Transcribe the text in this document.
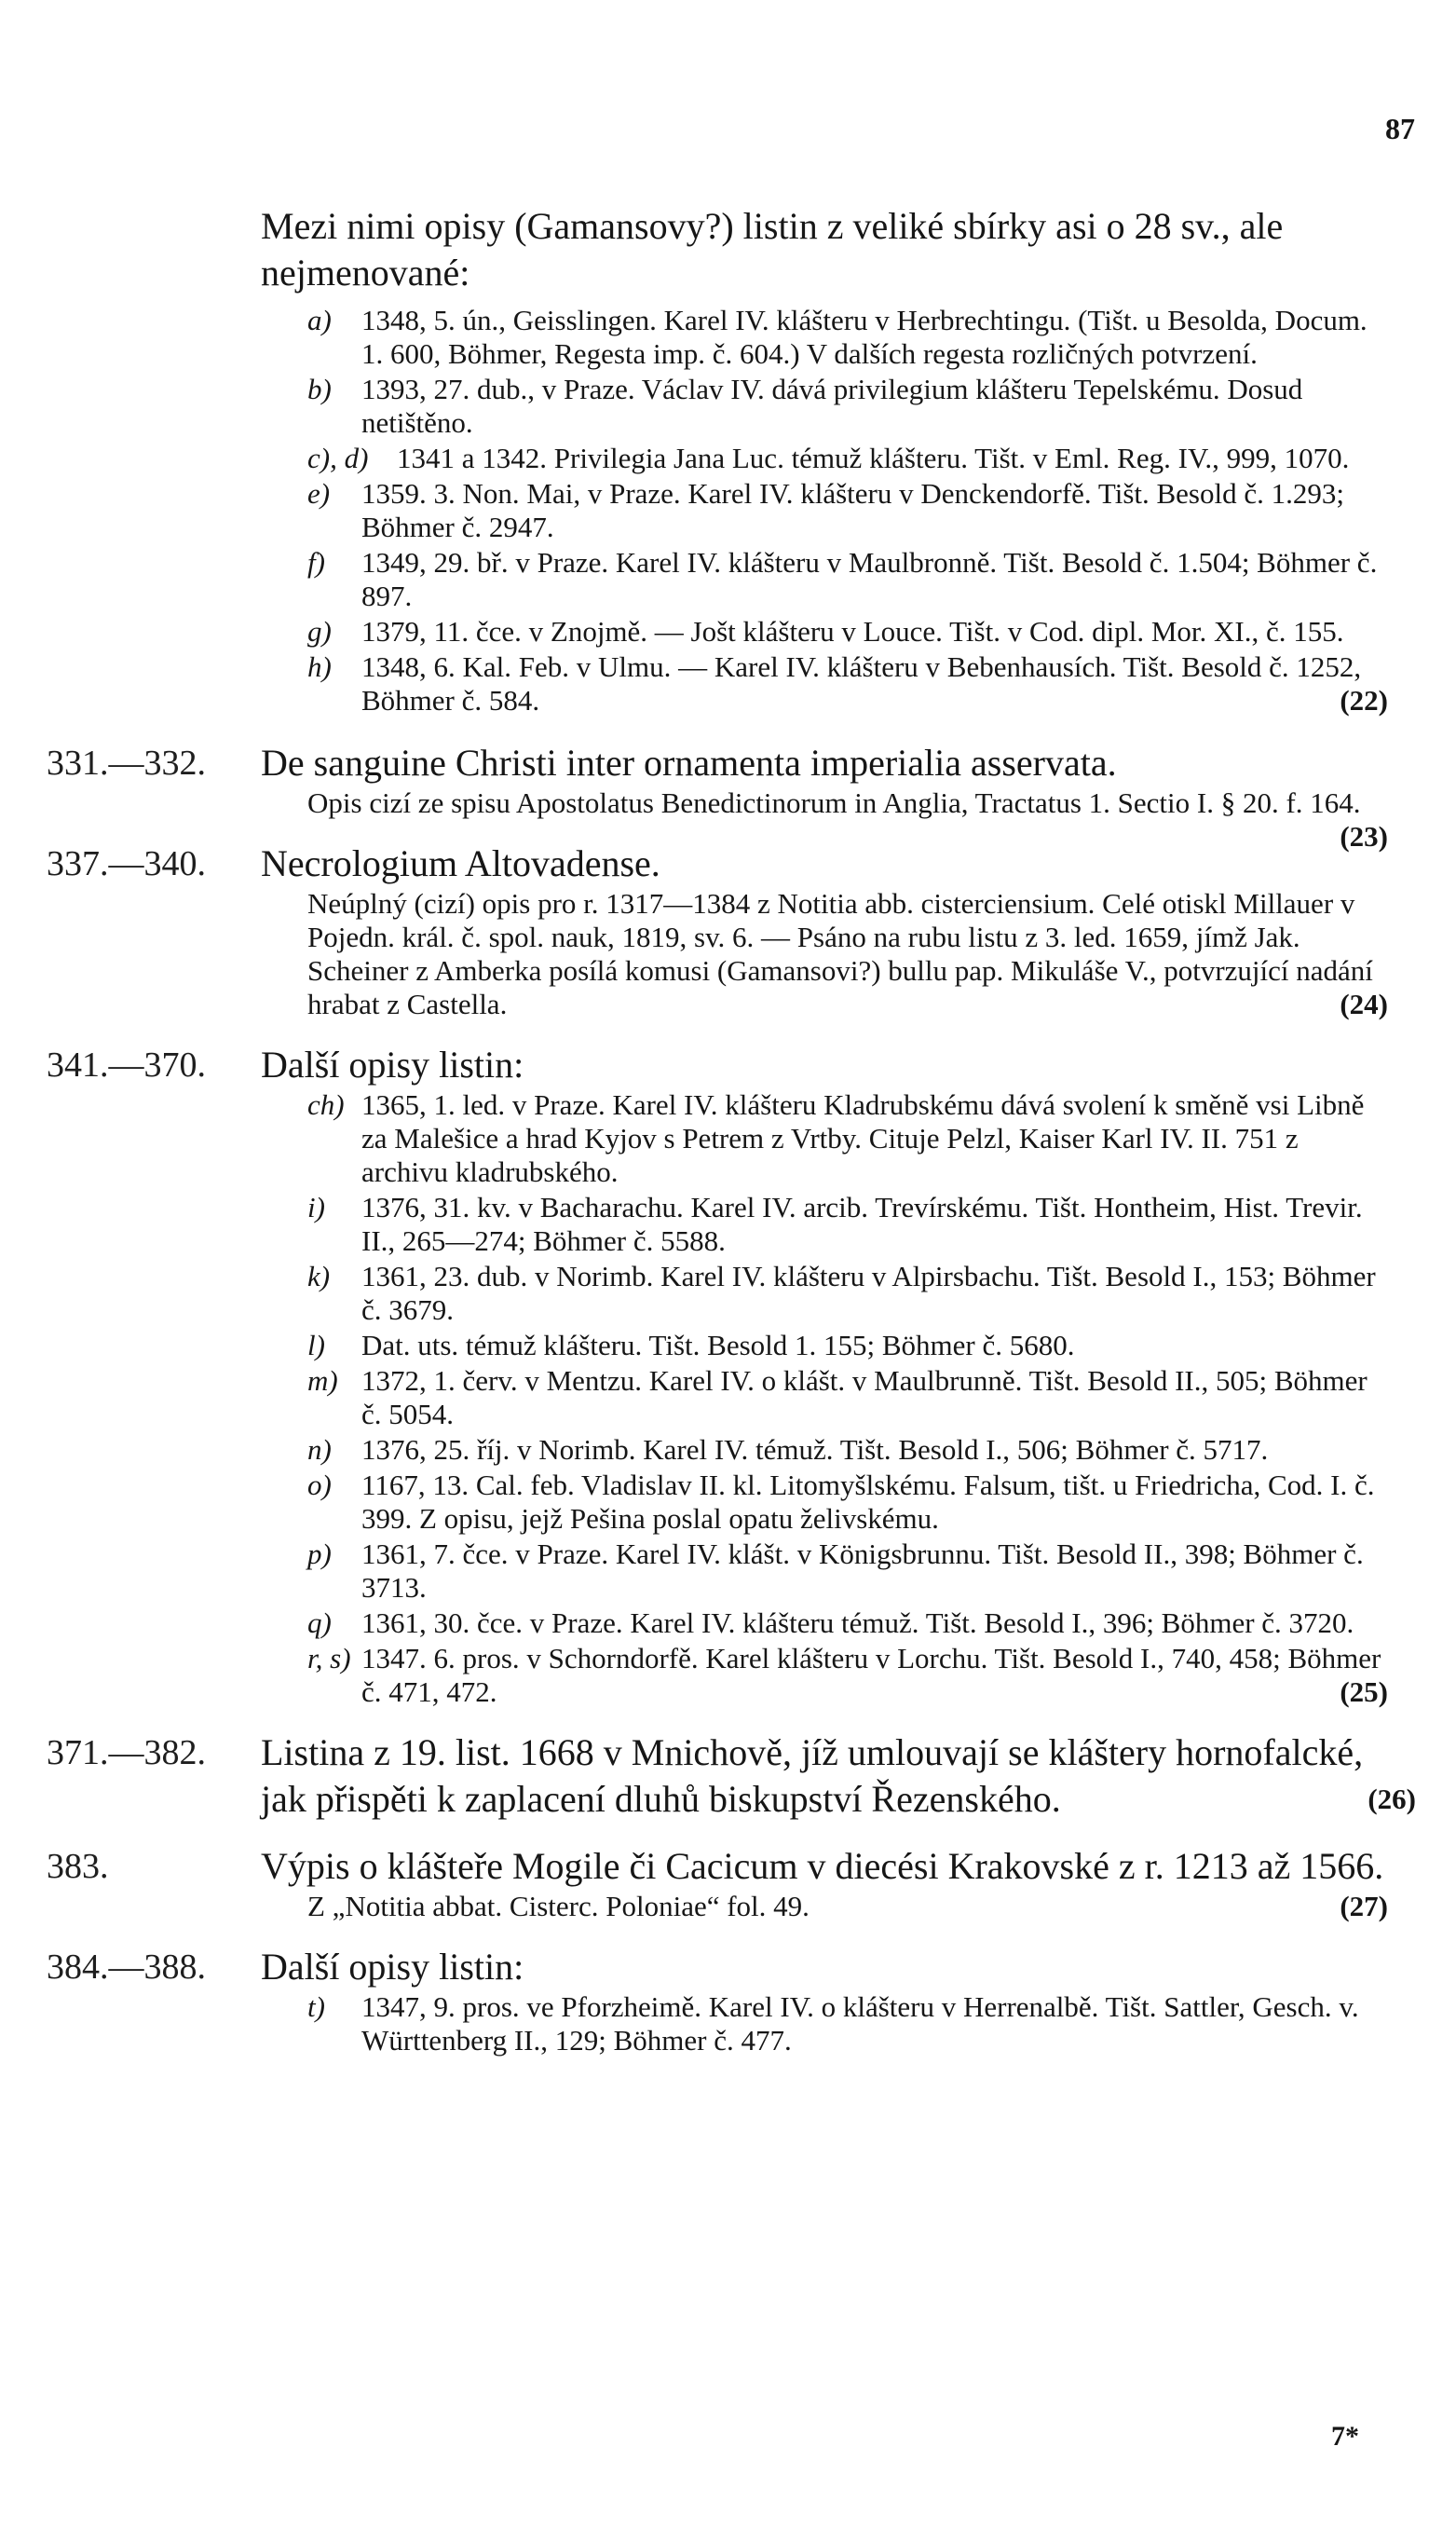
87
Mezi nimi opisy (Gamansovy?) listin z veliké sbírky asi o 28 sv., ale nejmenované:
a) 1348, 5. ún., Geisslingen. Karel IV. klášteru v Herbrechtingu. (Tišt. u Besolda, Docum. 1. 600, Böhmer, Regesta imp. č. 604.) V dalších regesta rozličných potvrzení.
b) 1393, 27. dub., v Praze. Václav IV. dává privilegium klášteru Tepelskému. Dosud netištěno.
c), d) 1341 a 1342. Privilegia Jana Luc. témuž klášteru. Tišt. v Eml. Reg. IV., 999, 1070.
e) 1359. 3. Non. Mai, v Praze. Karel IV. klášteru v Denckendorfě. Tišt. Besold č. 1.293; Böhmer č. 2947.
f) 1349, 29. bř. v Praze. Karel IV. klášteru v Maulbronně. Tišt. Besold č. 1.504; Böhmer č. 897.
g) 1379, 11. čce. v Znojmě. — Jošt klášteru v Louce. Tišt. v Cod. dipl. Mor. XI., č. 155.
h) 1348, 6. Kal. Feb. v Ulmu. — Karel IV. klášteru v Bebenhausích. Tišt. Besold č. 1252, Böhmer č. 584.	(22)
331.—332.	De sanguine Christi inter ornamenta imperialia asservata.
Opis cizí ze spisu Apostolatus Benedictinorum in Anglia, Tractatus 1. Sectio I. § 20. f. 164.
(23)
337.—340.	Necrologium Altovadense.
Neúplný (cizí) opis pro r. 1317—1384 z Notitia abb. cisterciensium. Celé otiskl Millauer v Pojedn. král. č. spol. nauk, 1819, sv. 6. — Psáno na rubu listu z 3. led. 1659, jímž Jak. Scheiner z Amberka posílá komusi (Gamansovi?) bullu pap. Mikuláše V., potvrzující nadání hrabat z Castella.	(24)
341.—370.	Další opisy listin:
ch) 1365, 1. led. v Praze. Karel IV. klášteru Kladrubskému dává svolení k směně vsi Libně za Malešice a hrad Kyjov s Petrem z Vrtby. Cituje Pelzl, Kaiser Karl IV. II. 751 z archivu kladrubského.
i) 1376, 31. kv. v Bacharachu. Karel IV. arcib. Trevírskému. Tišt. Hontheim, Hist. Trevir. II., 265—274; Böhmer č. 5588.
k) 1361, 23. dub. v Norimb. Karel IV. klášteru v Alpirsbachu. Tišt. Besold I., 153; Böhmer č. 3679.
l) Dat. uts. témuž klášteru. Tišt. Besold 1. 155; Böhmer č. 5680.
m) 1372, 1. červ. v Mentzu. Karel IV. o klášt. v Maulbrunně. Tišt. Besold II., 505; Böhmer č. 5054.
n) 1376, 25. říj. v Norimb. Karel IV. témuž. Tišt. Besold I., 506; Böhmer č. 5717.
o) 1167, 13. Cal. feb. Vladislav II. kl. Litomyšlskému. Falsum, tišt. u Friedricha, Cod. I. č. 399. Z opisu, jejž Pešina poslal opatu želivskému.
p) 1361, 7. čce. v Praze. Karel IV. klášt. v Königsbrunnu. Tišt. Besold II., 398; Böhmer č. 3713.
q) 1361, 30. čce. v Praze. Karel IV. klášteru témuž. Tišt. Besold I., 396; Böhmer č. 3720.
r, s) 1347. 6. pros. v Schorndorfě. Karel klášteru v Lorchu. Tišt. Besold I., 740, 458; Böhmer č. 471, 472.	(25)
371.—382.	Listina z 19. list. 1668 v Mnichově, jíž umlouvají se kláštery hornofalcké, jak přispěti k zaplacení dluhů biskupství Řezenského.	(26)
383.	Výpis o klášteře Mogile či Cacicum v diecési Krakovské z r. 1213 až 1566.
Z „Notitia abbat. Cisterc. Poloniae“ fol. 49.	(27)
384.—388.	Další opisy listin:
t) 1347, 9. pros. ve Pforzheimě. Karel IV. o klášteru v Herrenalbě. Tišt. Sattler, Gesch. v. Württenberg II., 129; Böhmer č. 477.
7*
